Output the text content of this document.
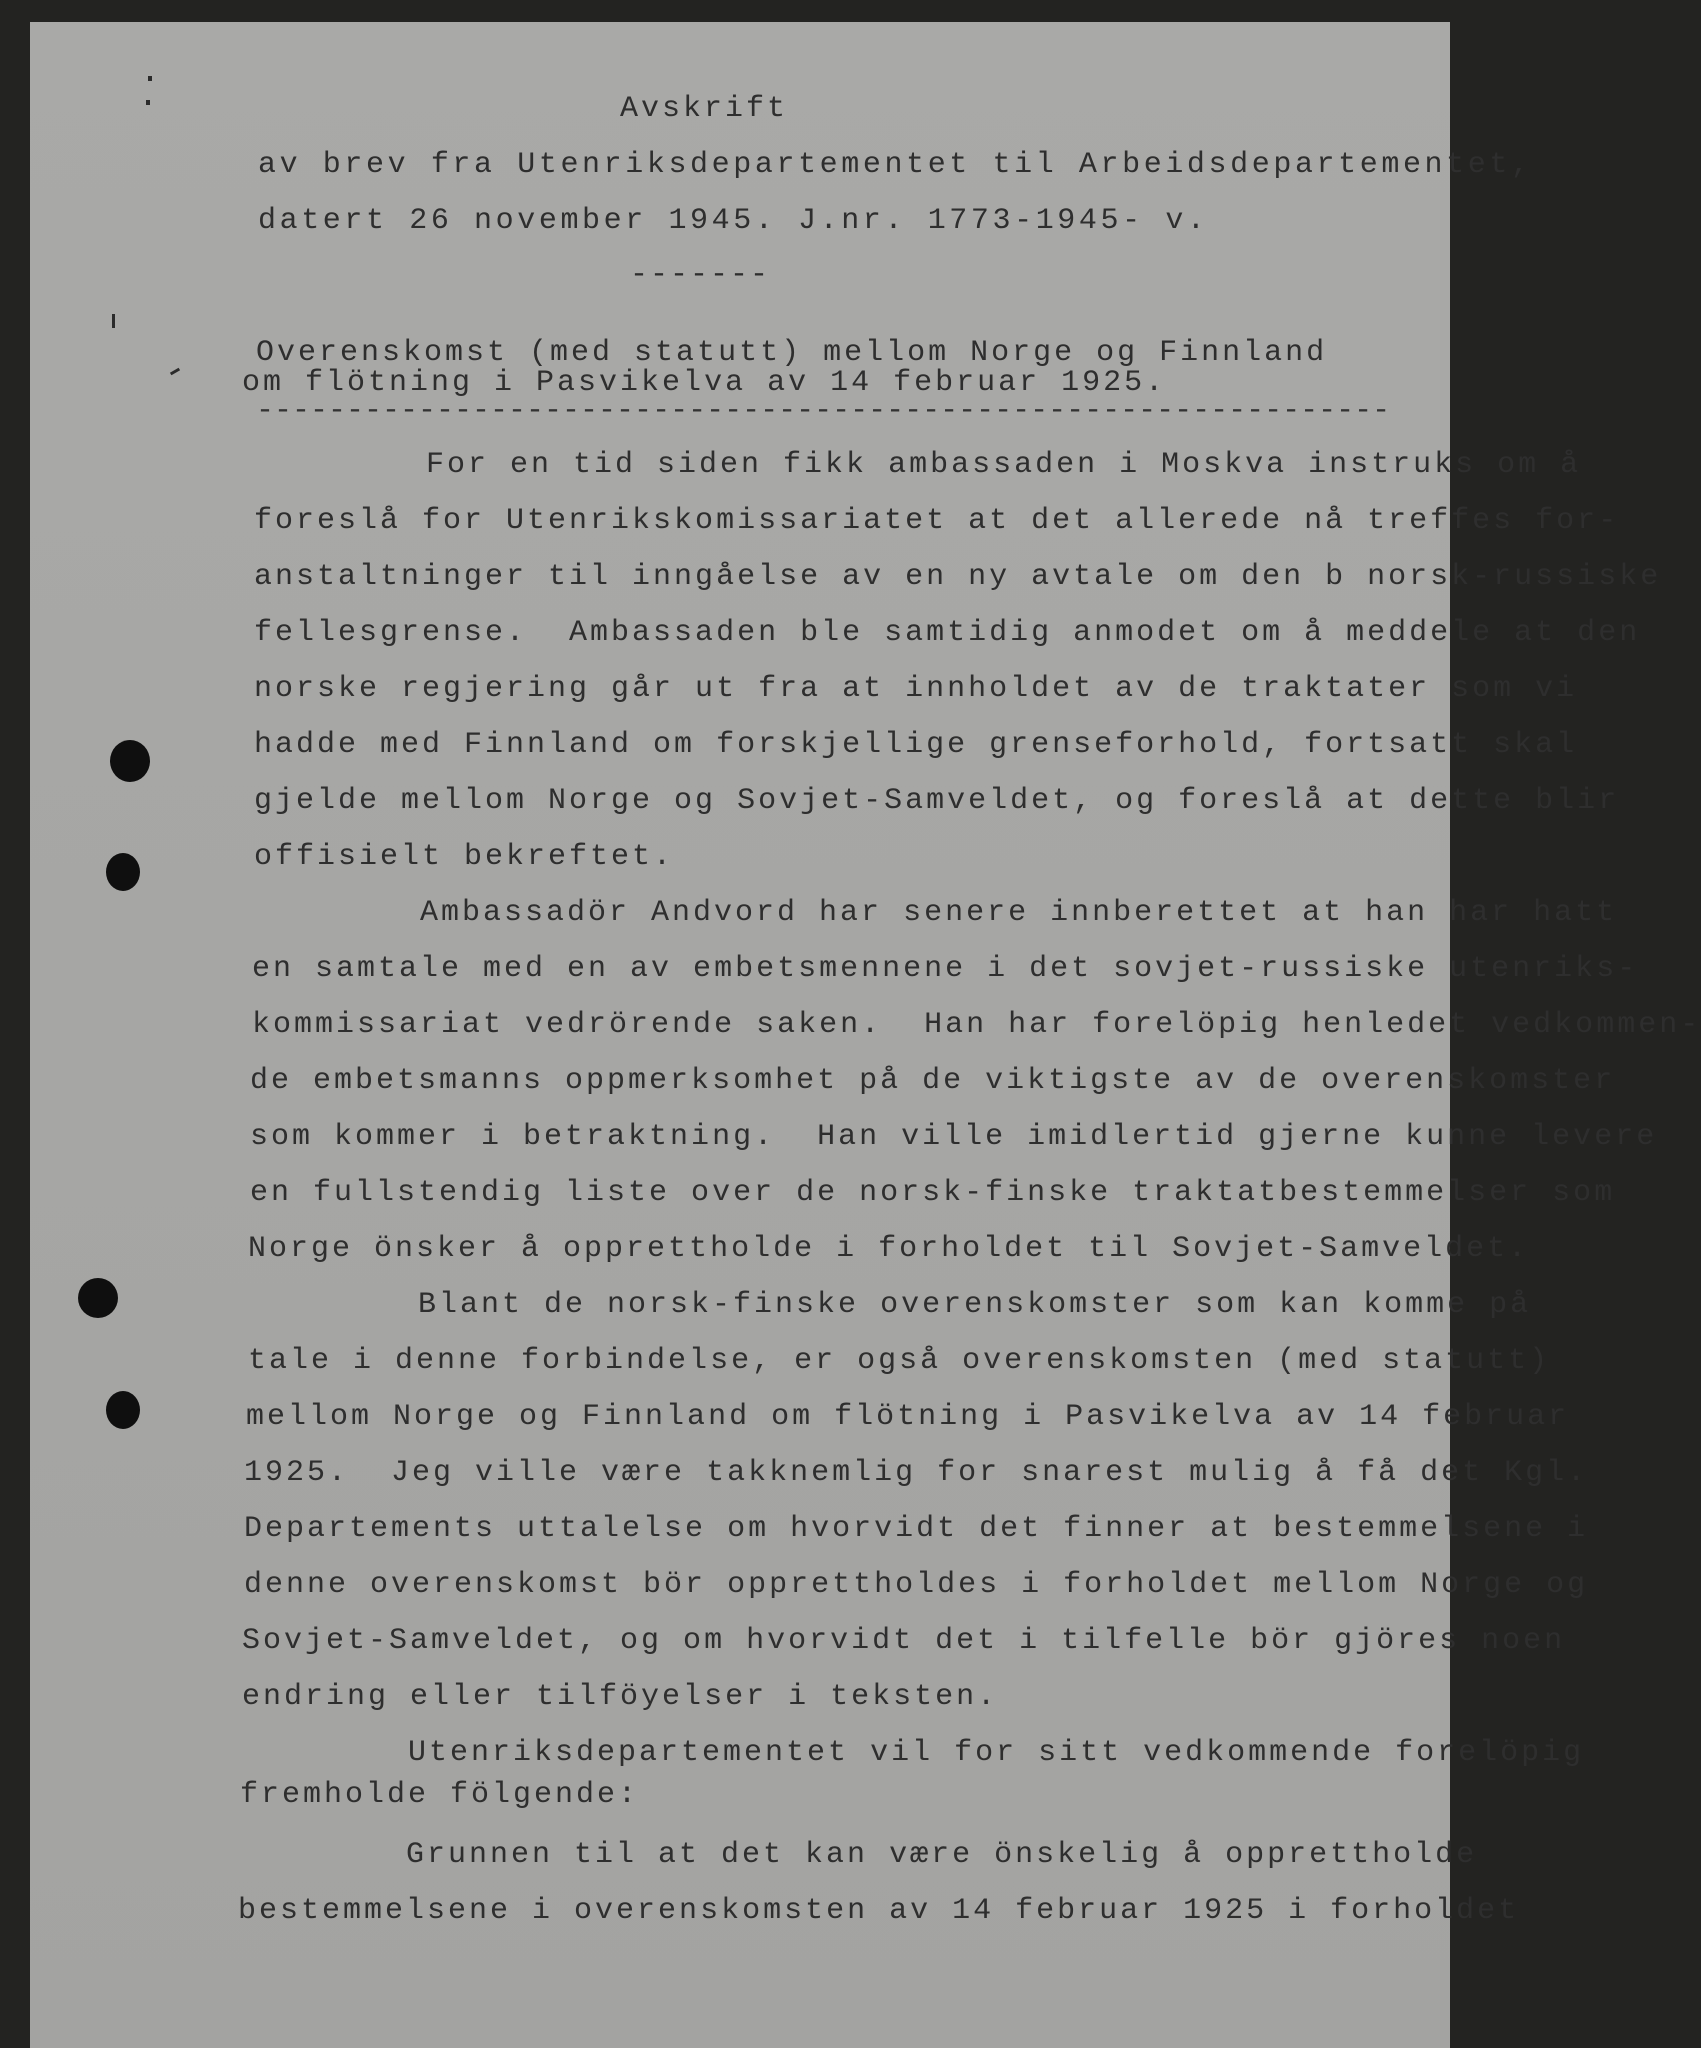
Avskrift
av brev fra Utenriksdepartementet til Arbeidsdepartementet,
datert 26 november 1945. J.nr. 1773-1945- v.
-------
Overenskomst (med statutt) mellom Norge og Finnland
om flötning i Pasvikelva av 14 februar 1925.
---------------------------------------------------------------
For en tid siden fikk ambassaden i Moskva instruks om å
foreslå for Utenrikskomissariatet at det allerede nå treffes for-
anstaltninger til inngåelse av en ny avtale om den b norsk-russiske
fellesgrense.  Ambassaden ble samtidig anmodet om å meddele at den
norske regjering går ut fra at innholdet av de traktater som vi
hadde med Finnland om forskjellige grenseforhold, fortsatt skal
gjelde mellom Norge og Sovjet-Samveldet, og foreslå at dette blir
offisielt bekreftet.
Ambassadör Andvord har senere innberettet at han har hatt
en samtale med en av embetsmennene i det sovjet-russiske utenriks-
kommissariat vedrörende saken.  Han har forelöpig henledet vedkommen-
de embetsmanns oppmerksomhet på de viktigste av de overenskomster
som kommer i betraktning.  Han ville imidlertid gjerne kunne levere
en fullstendig liste over de norsk-finske traktatbestemmelser som
Norge önsker å opprettholde i forholdet til Sovjet-Samveldet.
Blant de norsk-finske overenskomster som kan komme på
tale i denne forbindelse, er også overenskomsten (med statutt)
mellom Norge og Finnland om flötning i Pasvikelva av 14 februar
1925.  Jeg ville være takknemlig for snarest mulig å få det Kgl.
Departements uttalelse om hvorvidt det finner at bestemmelsene i
denne overenskomst bör opprettholdes i forholdet mellom Norge og
Sovjet-Samveldet, og om hvorvidt det i tilfelle bör gjöres noen
endring eller tilföyelser i teksten.
Utenriksdepartementet vil for sitt vedkommende forelöpig
fremholde fölgende:
Grunnen til at det kan være önskelig å opprettholde
bestemmelsene i overenskomsten av 14 februar 1925 i forholdet
